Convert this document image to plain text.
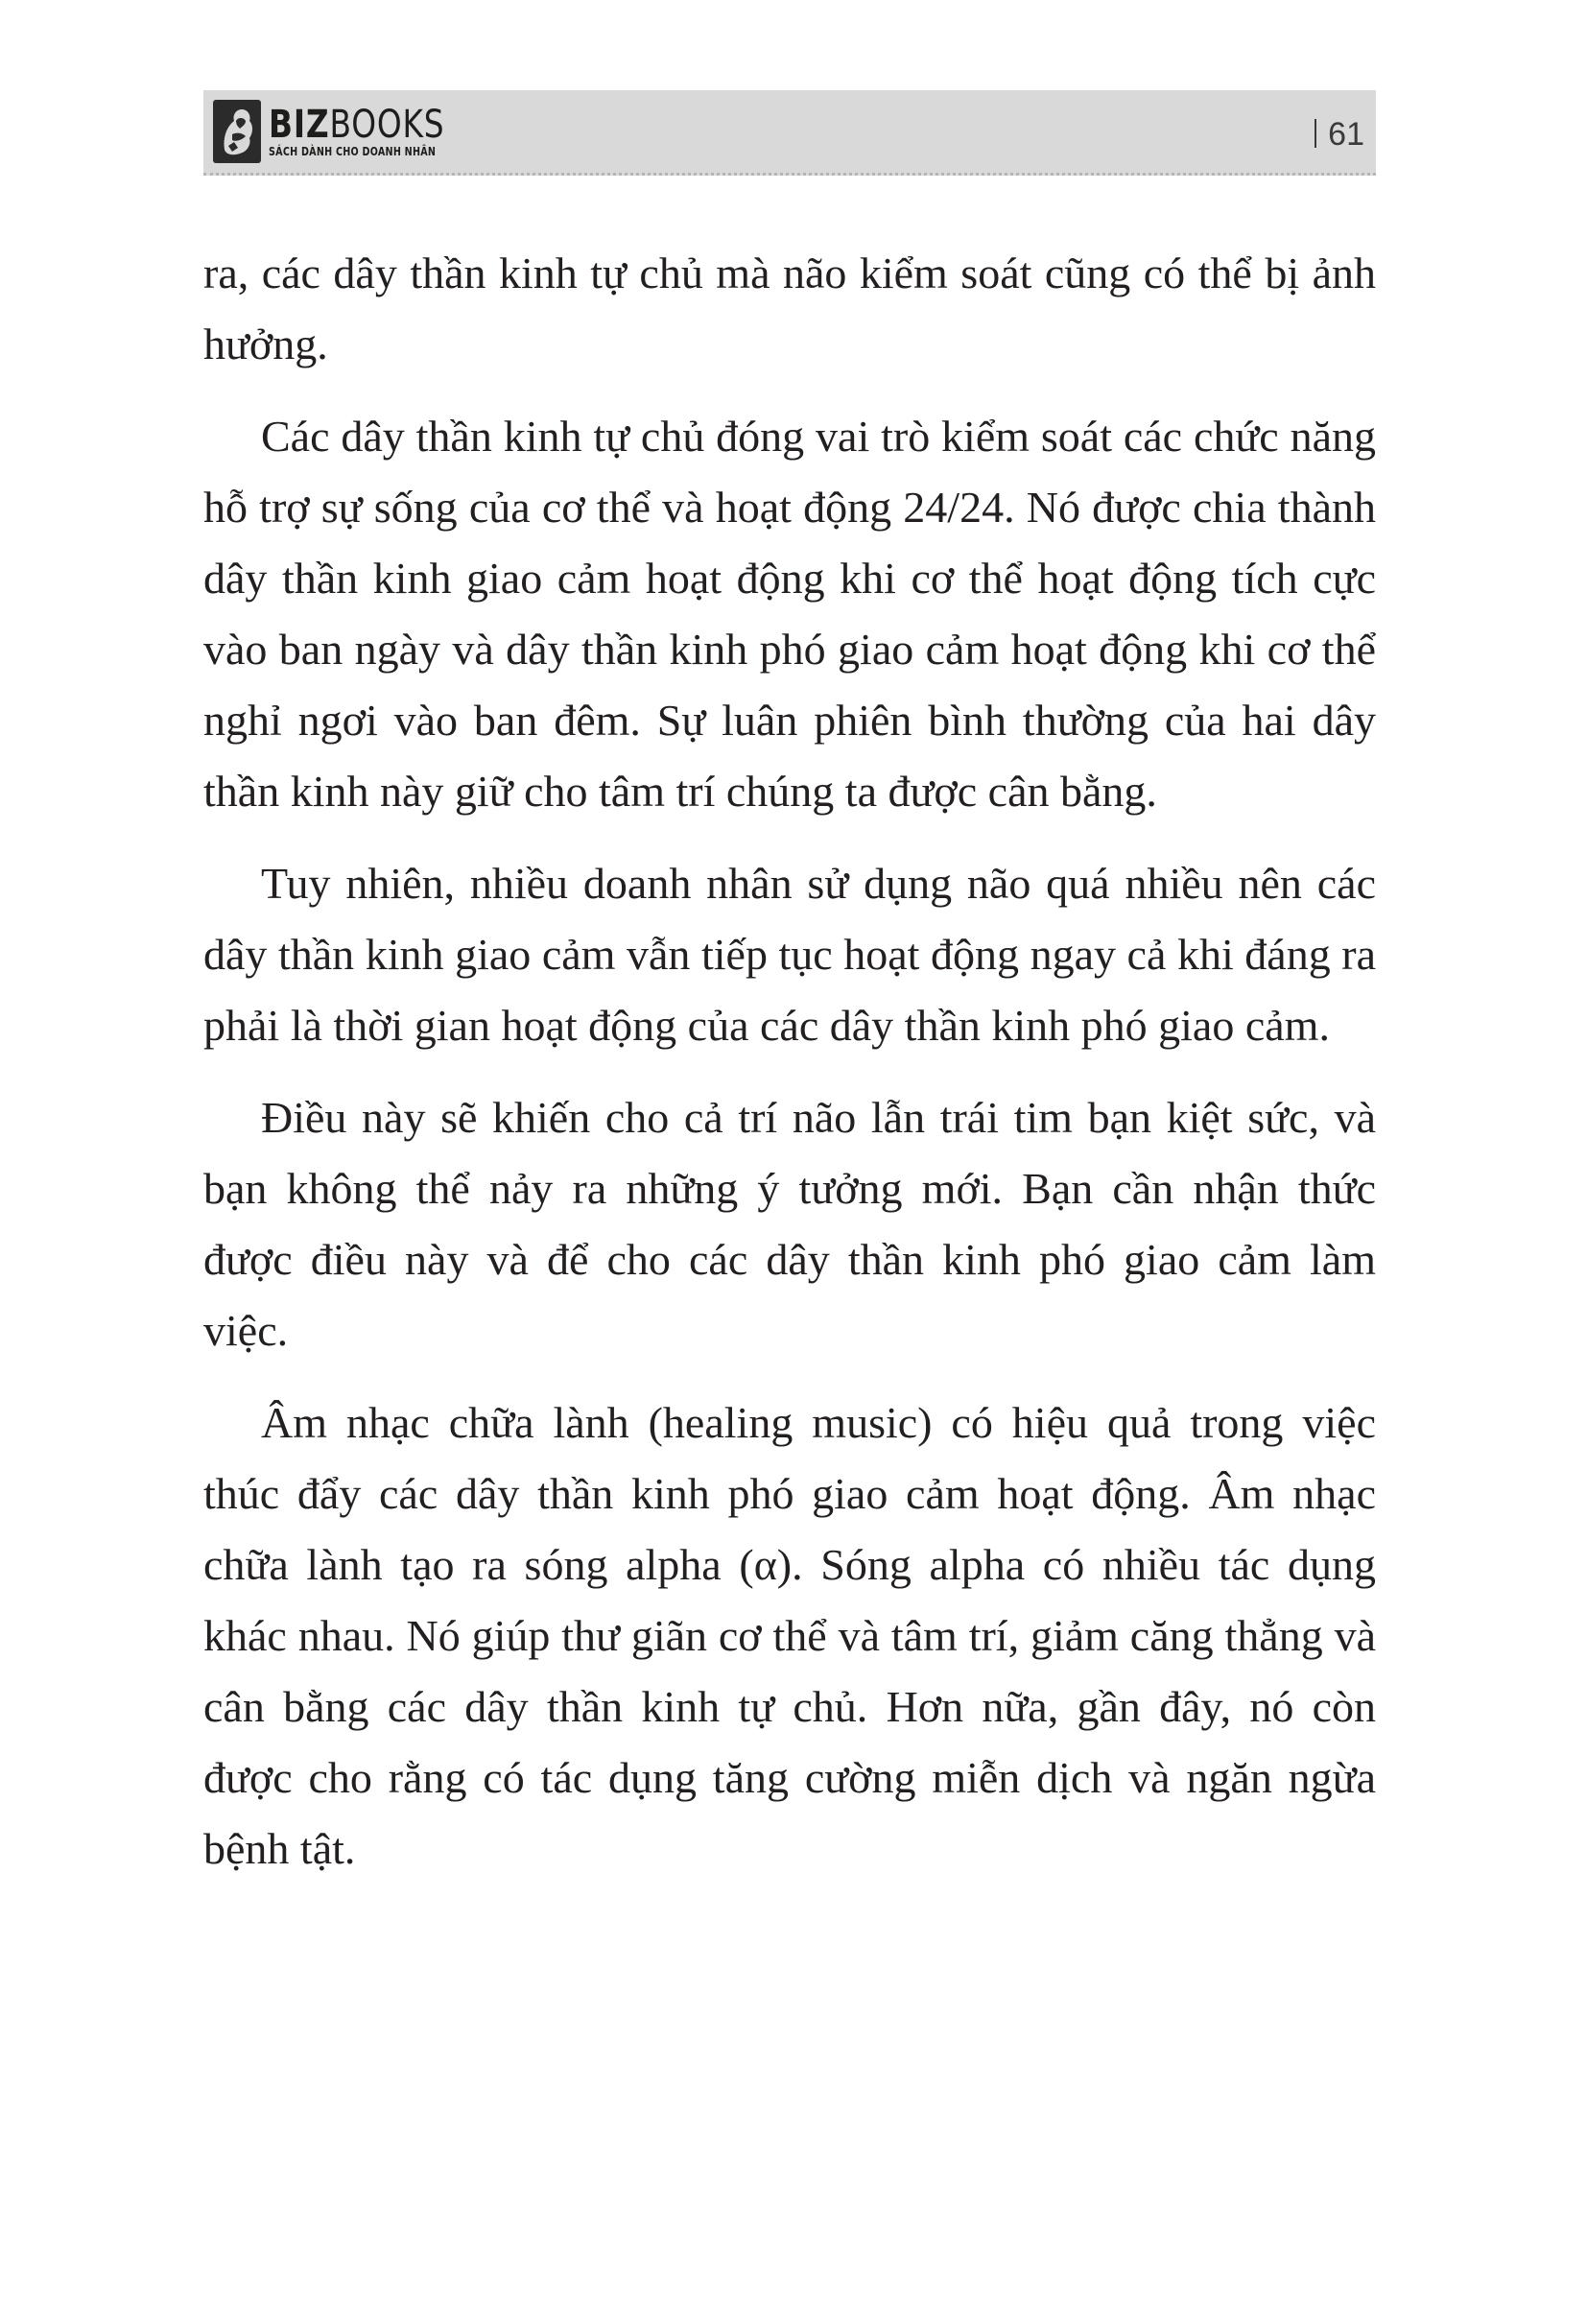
BIZBOOKS
SÁCH DÀNH CHO DOANH NHÂN	61

ra, các dây thần kinh tự chủ mà não kiểm soát cũng có thể bị ảnh hưởng.

Các dây thần kinh tự chủ đóng vai trò kiểm soát các chức năng hỗ trợ sự sống của cơ thể và hoạt động 24/24. Nó được chia thành dây thần kinh giao cảm hoạt động khi cơ thể hoạt động tích cực vào ban ngày và dây thần kinh phó giao cảm hoạt động khi cơ thể nghỉ ngơi vào ban đêm. Sự luân phiên bình thường của hai dây thần kinh này giữ cho tâm trí chúng ta được cân bằng.

Tuy nhiên, nhiều doanh nhân sử dụng não quá nhiều nên các dây thần kinh giao cảm vẫn tiếp tục hoạt động ngay cả khi đáng ra phải là thời gian hoạt động của các dây thần kinh phó giao cảm.

Điều này sẽ khiến cho cả trí não lẫn trái tim bạn kiệt sức, và bạn không thể nảy ra những ý tưởng mới. Bạn cần nhận thức được điều này và để cho các dây thần kinh phó giao cảm làm việc.

Âm nhạc chữa lành (healing music) có hiệu quả trong việc thúc đẩy các dây thần kinh phó giao cảm hoạt động. Âm nhạc chữa lành tạo ra sóng alpha (α). Sóng alpha có nhiều tác dụng khác nhau. Nó giúp thư giãn cơ thể và tâm trí, giảm căng thẳng và cân bằng các dây thần kinh tự chủ. Hơn nữa, gần đây, nó còn được cho rằng có tác dụng tăng cường miễn dịch và ngăn ngừa bệnh tật.
